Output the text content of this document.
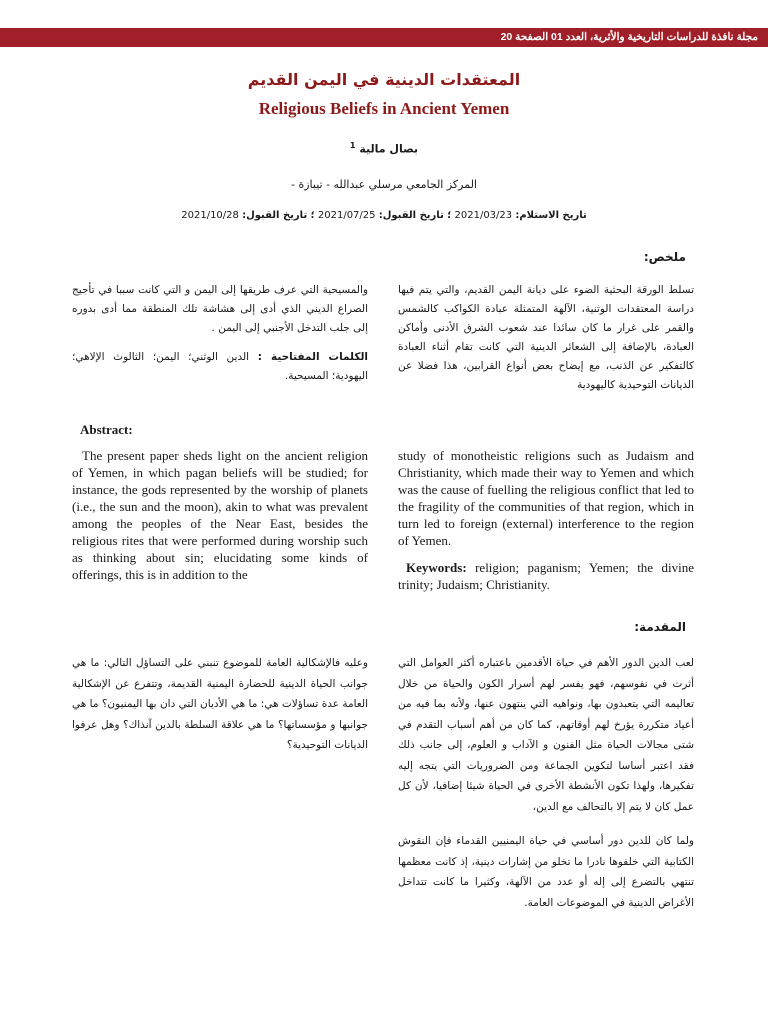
مجلة نافذة للدراسات التاريخية والأثرية، العدد 01 الصفحة 20
المعتقدات الدينية في اليمن القديم
Religious Beliefs in Ancient Yemen
بصال مالية $^1$
المركز الجامعي مرسلي عبدالله - تيبازة -
تاريخ الاستلام: 2021/03/23 ؛ تاريخ القبول: 2021/07/25 ؛ تاريخ القبول: 2021/10/28
ملخص:

تسلط الورقة البحثية الضوء على ديانة اليمن القديم، والتي يتم فيها دراسة المعتقدات الوثنية، الآلهة المتمثلة عبادة الكواكب كالشمس والقمر على غرار ما كان سائدا عند شعوب الشرق الأدنى وأماكن العبادة، بالإضافة إلى الشعائر الدينية التي كانت تقام أثناء العبادة كالتفكير عن الذنب، مع إيضاح بعض أنواع القرابين، هذا فضلا عن الديانات التوحيدية كاليهودية

والمسيحية التي عرف طريقها إلى اليمن و التي كانت سببا في تأجيج الصراع الديني الذي أدى إلى هشاشة تلك المنطقة مما أدى بدوره إلى جلب التدخل الأجنبي إلى اليمن .

الكلمات المفتاحية : الدين الوثني؛ اليمن؛ الثالوث الإلاهي؛ اليهودية؛ المسيحية.

Abstract:

The present paper sheds light on the ancient religion of Yemen, in which pagan beliefs will be studied; for instance, the gods represented by the worship of planets (i.e., the sun and the moon), akin to what was prevalent among the peoples of the Near East, besides the religious rites that were performed during worship such as thinking about sin; elucidating some kinds of offerings, this is in addition to the

study of monotheistic religions such as Judaism and Christianity, which made their way to Yemen and which was the cause of fuelling the religious conflict that led to the fragility of the communities of that region, which in turn led to foreign (external) interference to the region of Yemen.

Keywords: religion; paganism; Yemen; the divine trinity; Judaism; Christianity.

المقدمة:

لعب الدين الدور الأهم في حياة الأقدمين باعتباره أكثر العوامل التي أثرت في نفوسهم، فهو يفسر لهم أسرار الكون والحياة من خلال تعاليمه التي يتعبدون بها، ونواهيه التي ينتهون عنها، ولأنه بما فيه من أعياد متكررة يؤرخ لهم أوقاتهم، كما كان من أهم أسباب التقدم في شتى مجالات الحياة مثل الفنون و الآداب و العلوم، إلى جانب ذلك فقد اعتبر أساسا لتكوين الجماعة ومن الضروريات التي يتجه إليه تفكيرها، ولهذا تكون الأنشطة الأخرى في الحياة شيئا إضافيا، لأن كل عمل كان لا يتم إلا بالتحالف مع الدين،

ولما كان للدين دور أساسي في حياة اليمنيين القدماء فإن النقوش الكتابية التي خلفوها نادرا ما تخلو من إشارات دينية، إذ كانت معظمها تنتهي بالتضرع إلى إله أو عدد من الآلهة، وكثيرا ما كانت تتداخل الأغراض الدينية في الموضوعات العامة.

وعليه فالإشكالية العامة للموضوع تنبني على التساؤل التالي: ما هي جوانب الحياة الدينية للحضارة اليمنية القديمة، وتتفرع عن الإشكالية العامة عدة تساؤلات هي: ما هي الأديان التي دان بها اليمنيون؟ ما هي جوانبها و مؤسساتها؟ ما هي علاقة السلطة بالدين آنذاك؟ وهل عرفوا الديانات التوحيدية؟
